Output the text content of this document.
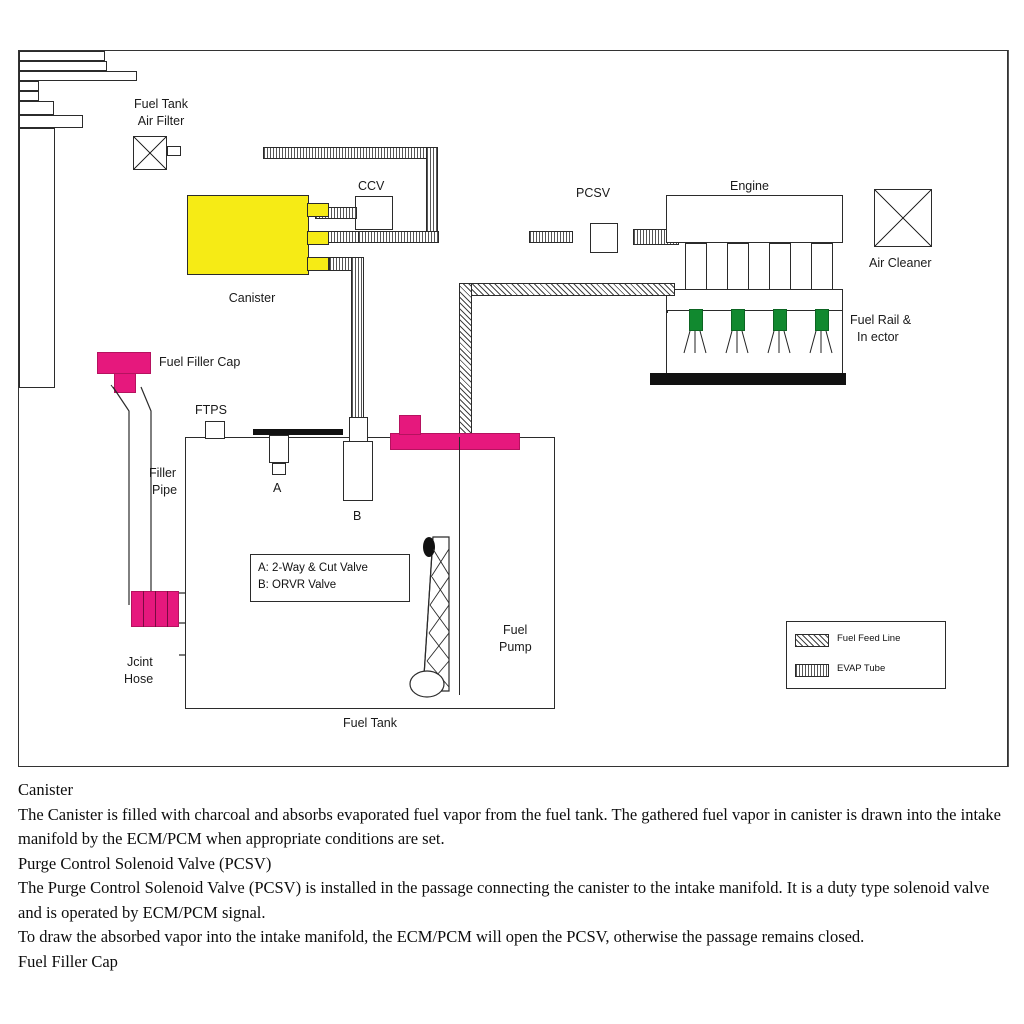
Fuel Tank
Air Filter
CCV
Canister
PCSV	Engine
Air Cleaner
Fuel Rail &
In ector
Fuel Filler Cap
Filler
Pipe
Jcint
Hose
Fuel Tank
FTPS
A
B
Fuel
Pump
A: 2-Way & Cut Valve
B: ORVR Valve
Fuel Feed Line
EVAP Tube

Canister

The Canister is filled with charcoal and absorbs evaporated fuel vapor from the fuel tank. The gathered fuel vapor in canister is drawn into the intake manifold by the ECM/PCM when appropriate conditions are set.

Purge Control Solenoid Valve (PCSV)

The Purge Control Solenoid Valve (PCSV) is installed in the passage connecting the canister to the intake manifold. It is a duty type solenoid valve and is operated by ECM/PCM signal.

To draw the absorbed vapor into the intake manifold, the ECM/PCM will open the PCSV, otherwise the passage remains closed.

Fuel Filler Cap
